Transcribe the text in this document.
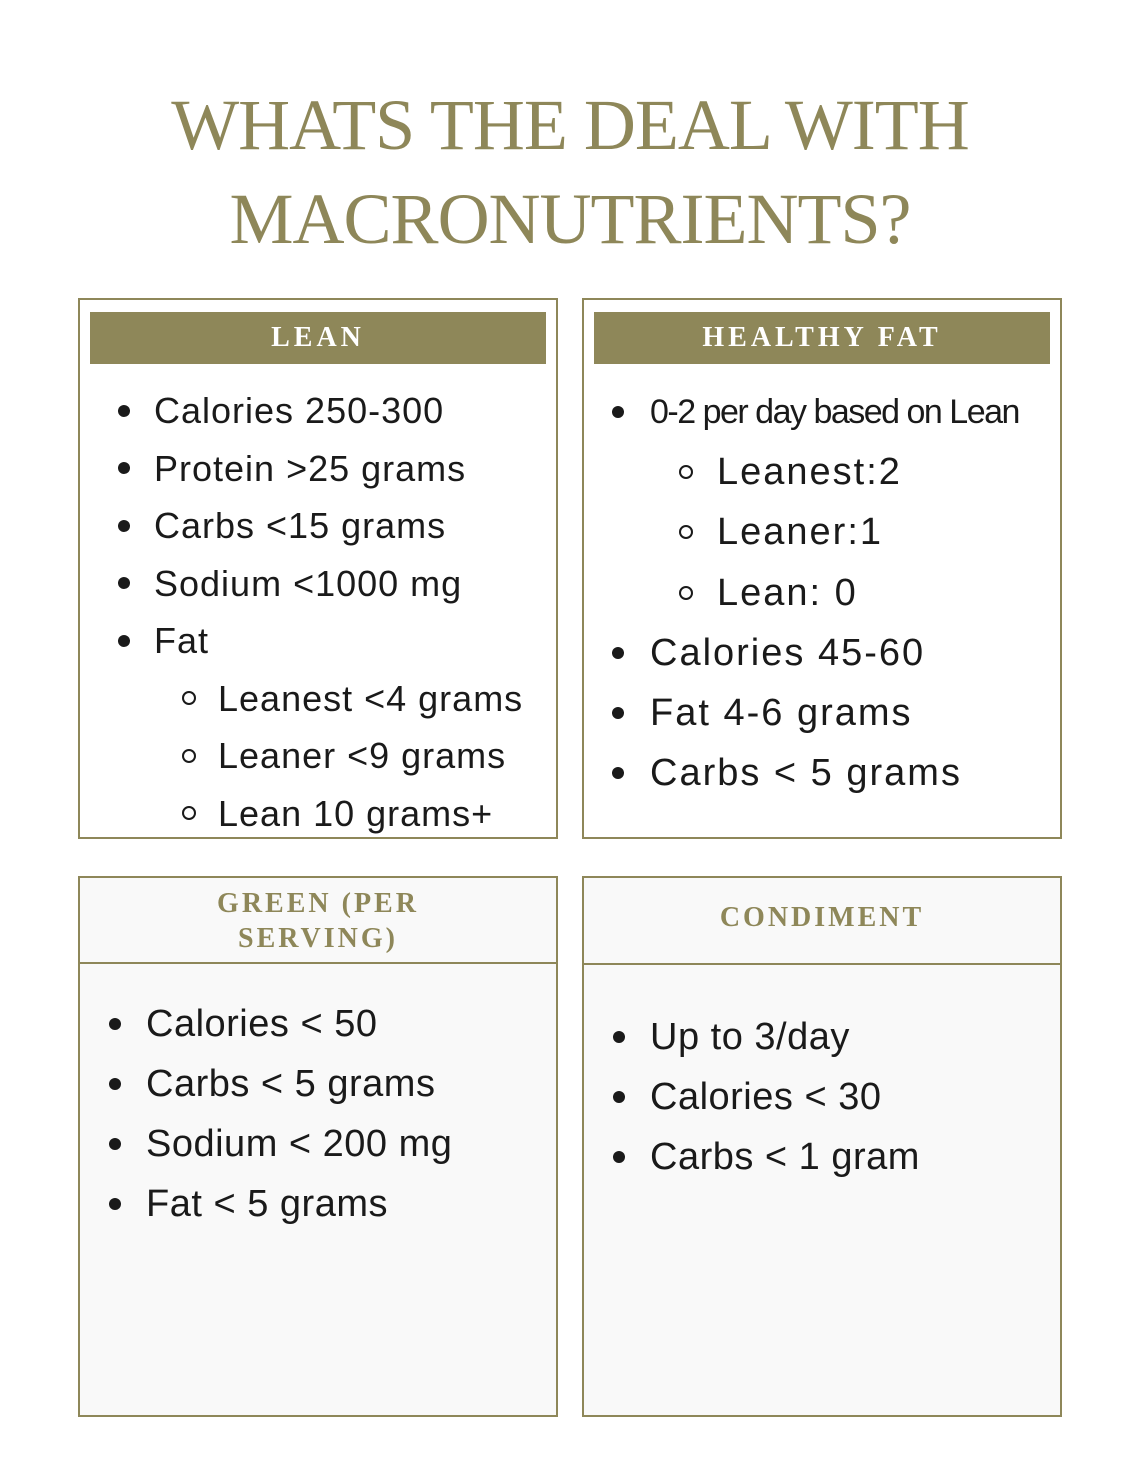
WHATS THE DEAL WITH
MACRONUTRIENTS?
LEAN
Calories 250-300
Protein >25 grams
Carbs <15 grams
Sodium <1000 mg
Fat
Leanest <4 grams
Leaner <9 grams
Lean 10 grams+
HEALTHY FAT
0-2 per day based on Lean
Leanest:2
Leaner:1
Lean: 0
Calories 45-60
Fat 4-6 grams
Carbs < 5 grams
GREEN (PER
SERVING)
Calories < 50
Carbs < 5 grams
Sodium < 200 mg
Fat < 5 grams
CONDIMENT
Up to 3/day
Calories < 30
Carbs < 1 gram
